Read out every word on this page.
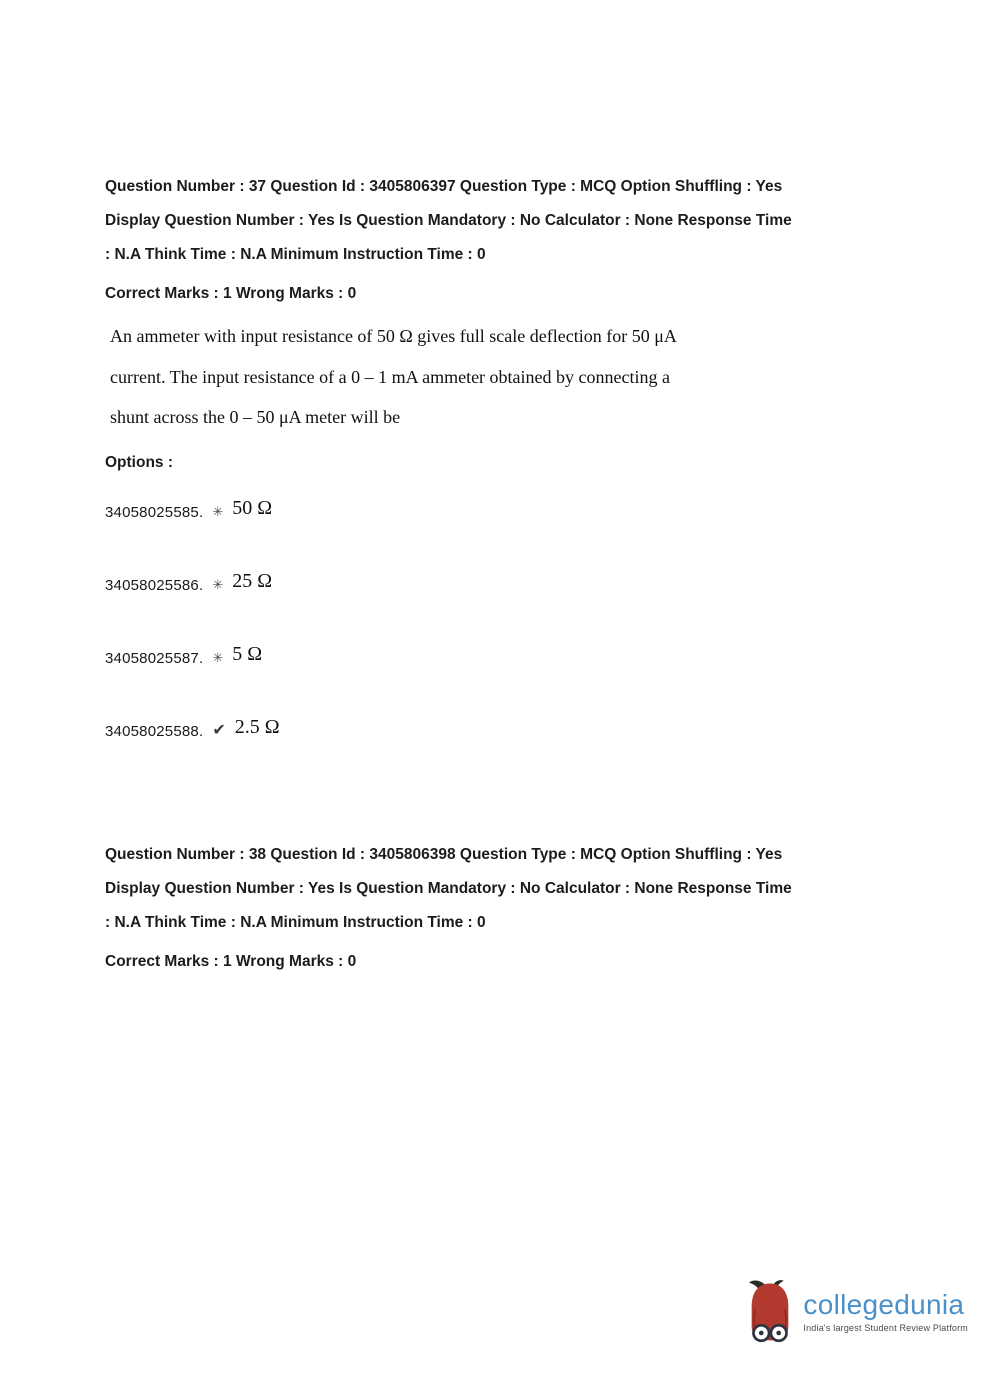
Question Number : 37 Question Id : 3405806397 Question Type : MCQ Option Shuffling : Yes
Display Question Number : Yes Is Question Mandatory : No Calculator : None Response Time
: N.A Think Time : N.A Minimum Instruction Time : 0
Correct Marks : 1 Wrong Marks : 0
An ammeter with input resistance of 50 Ω gives full scale deflection for 50 μA
current. The input resistance of a 0 – 1 mA ammeter obtained by connecting a
shunt across the 0 – 50 μA meter will be
Options :
34058025585. ✳ 50 Ω
34058025586. ✳ 25 Ω
34058025587. ✳ 5 Ω
34058025588. ✔ 2.5 Ω
Question Number : 38 Question Id : 3405806398 Question Type : MCQ Option Shuffling : Yes
Display Question Number : Yes Is Question Mandatory : No Calculator : None Response Time
: N.A Think Time : N.A Minimum Instruction Time : 0
Correct Marks : 1 Wrong Marks : 0
collegedunia
India's largest Student Review Platform
